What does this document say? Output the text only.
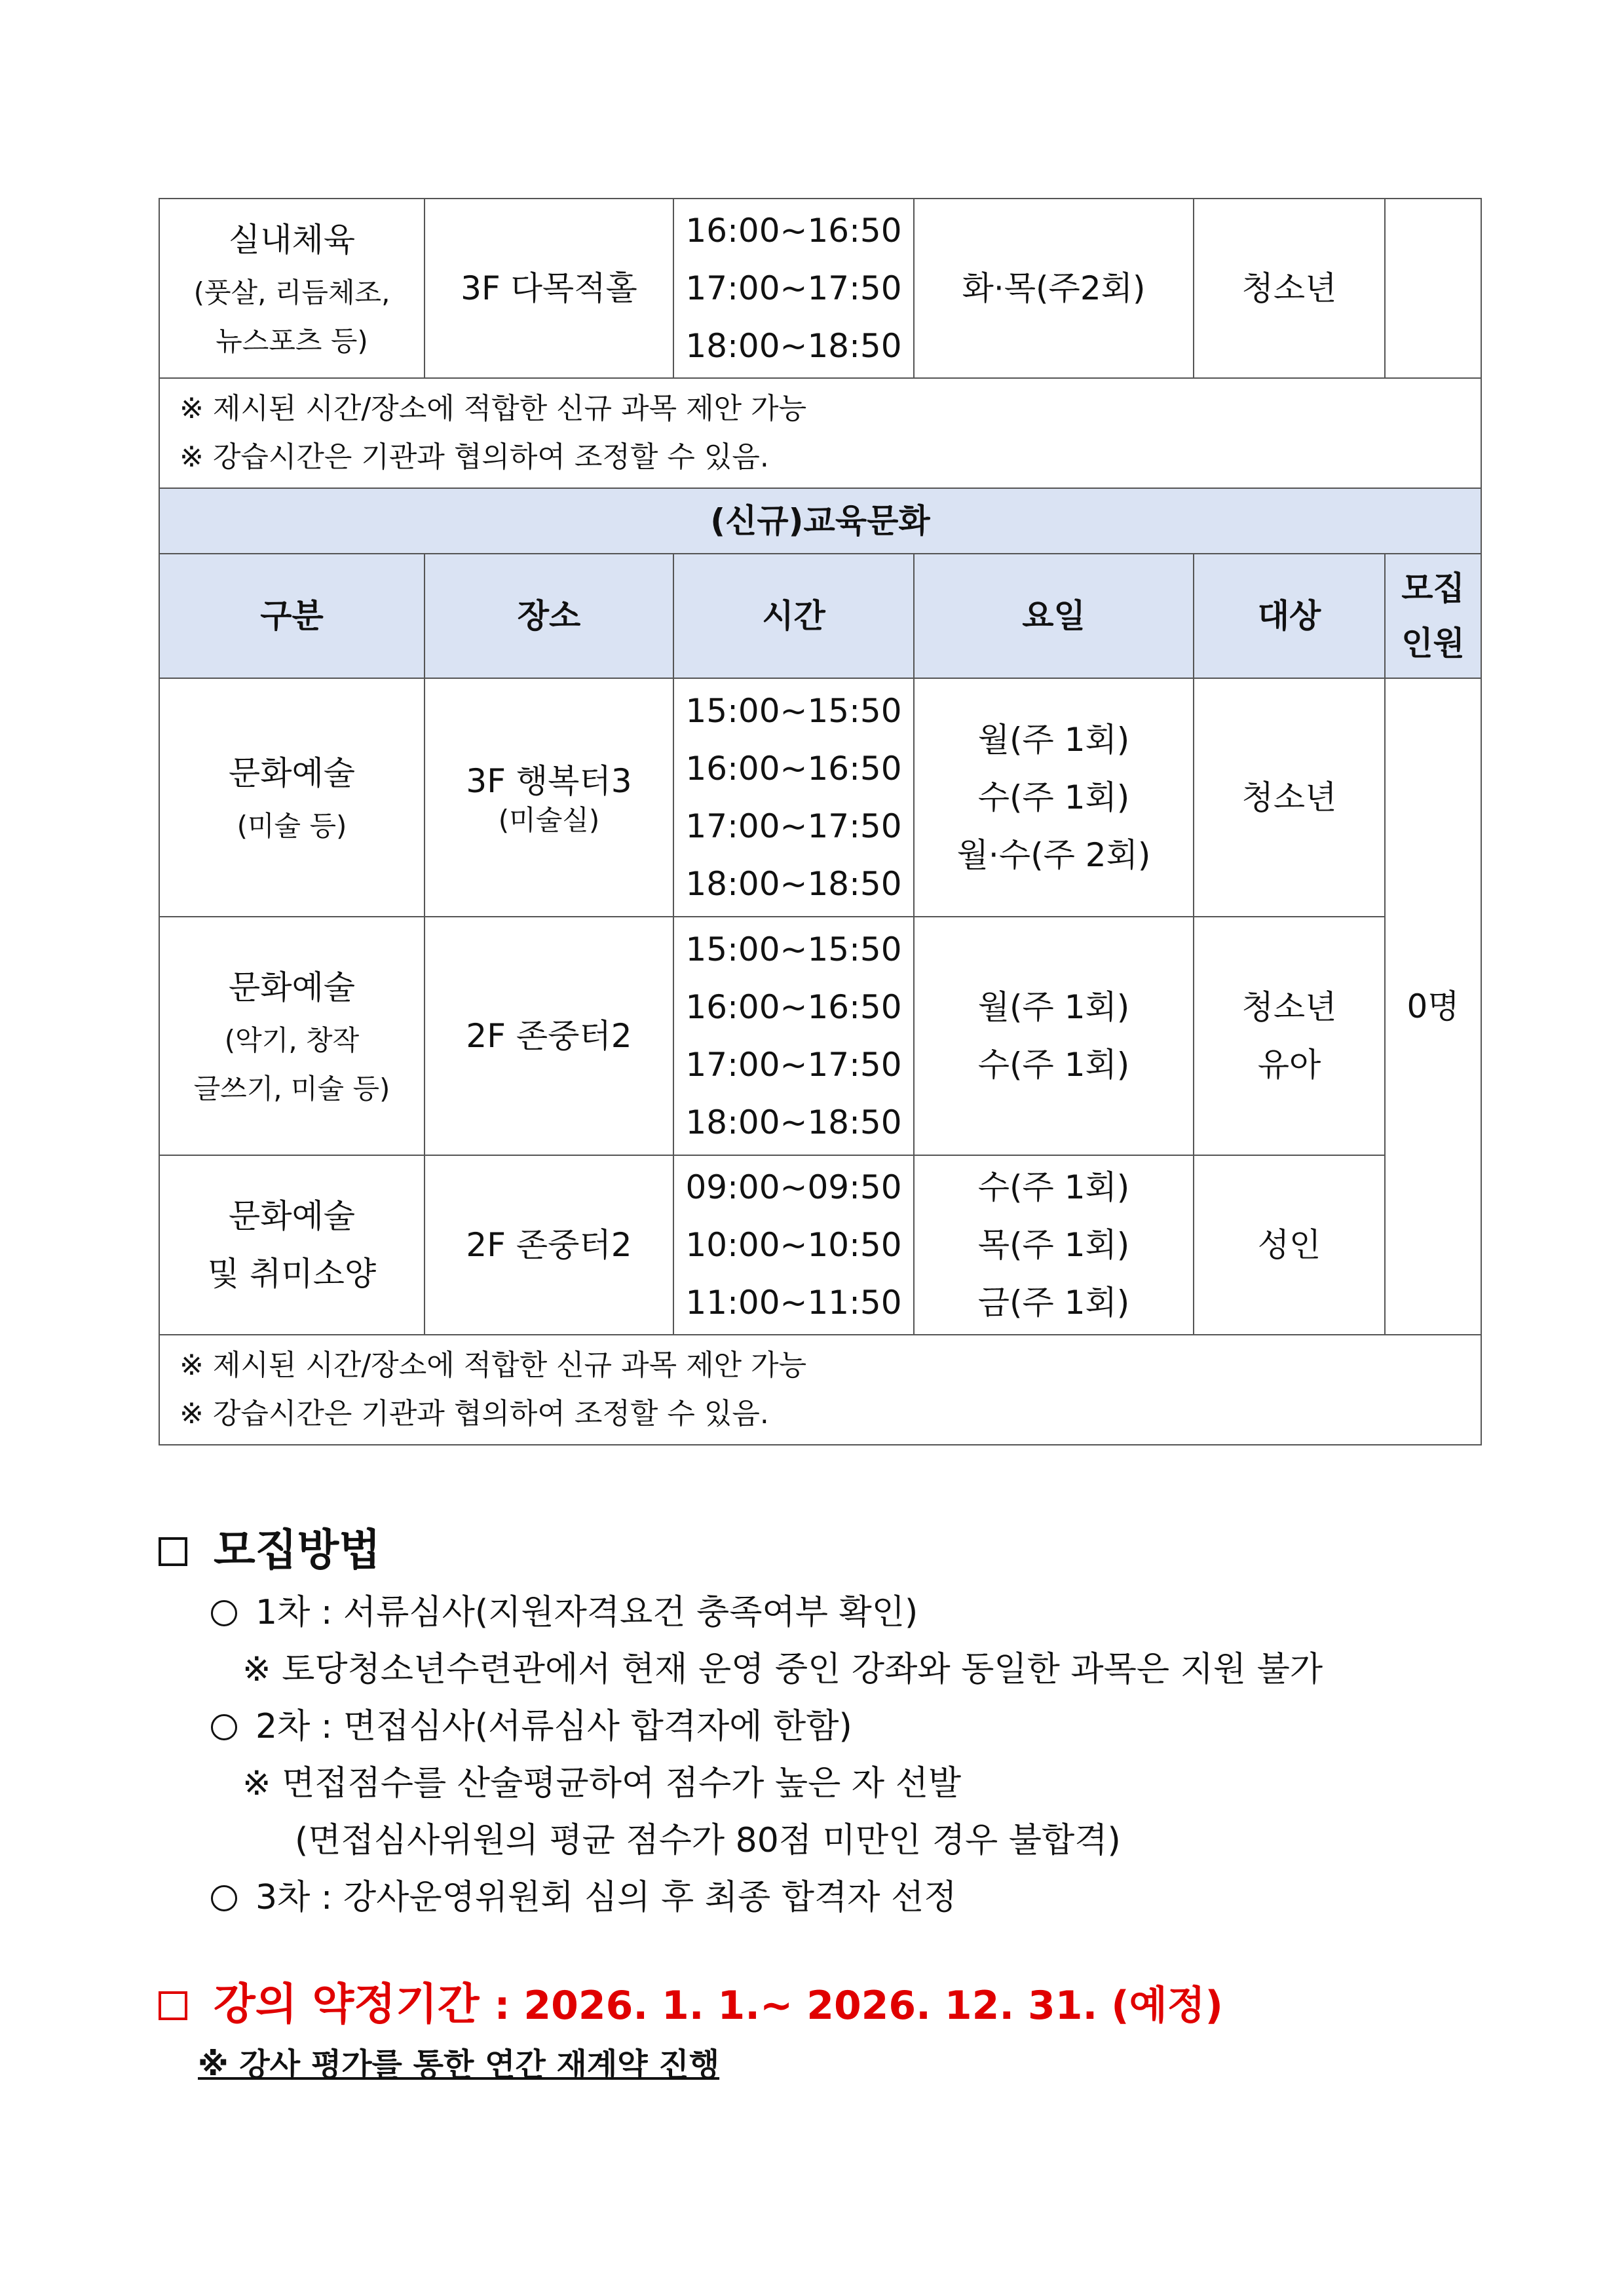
실내체육
(풋살, 리듬체조,
뉴스포츠 등)	3F 다목적홀	16:00~16:50
17:00~17:50
18:00~18:50	화·목(주2회)	청소년	

※ 제시된 시간/장소에 적합한 신규 과목 제안 가능
※ 강습시간은 기관과 협의하여 조정할 수 있음.					

(신규)교육문화					
구분	장소	시간	요일	대상	모집
인원

문화예술
(미술 등)	3F 행복터3
(미술실)	15:00~15:50
16:00~16:50
17:00~17:50
18:00~18:50	월(주 1회)
수(주 1회)
월·수(주 2회)	청소년	0명

문화예술
(악기, 창작
글쓰기, 미술 등)	2F 존중터2	15:00~15:50
16:00~16:50
17:00~17:50
18:00~18:50	월(주 1회)
수(주 1회)	청소년
유아	

문화예술
및 취미소양	2F 존중터2	09:00~09:50
10:00~10:50
11:00~11:50	수(주 1회)
목(주 1회)
금(주 1회)	성인	

※ 제시된 시간/장소에 적합한 신규 과목 제안 가능
※ 강습시간은 기관과 협의하여 조정할 수 있음.					
모집방법
1차 : 서류심사(지원자격요건 충족여부 확인)
※ 토당청소년수련관에서 현재 운영 중인 강좌와 동일한 과목은 지원 불가
2차 : 면접심사(서류심사 합격자에 한함)
※ 면접점수를 산술평균하여 점수가 높은 자 선발
(면접심사위원의 평균 점수가 80점 미만인 경우 불합격)
3차 : 강사운영위원회 심의 후 최종 합격자 선정
강의 약정기간 : 2026. 1. 1.~ 2026. 12. 31. (예정)
※ 강사 평가를 통한 연간 재계약 진행
